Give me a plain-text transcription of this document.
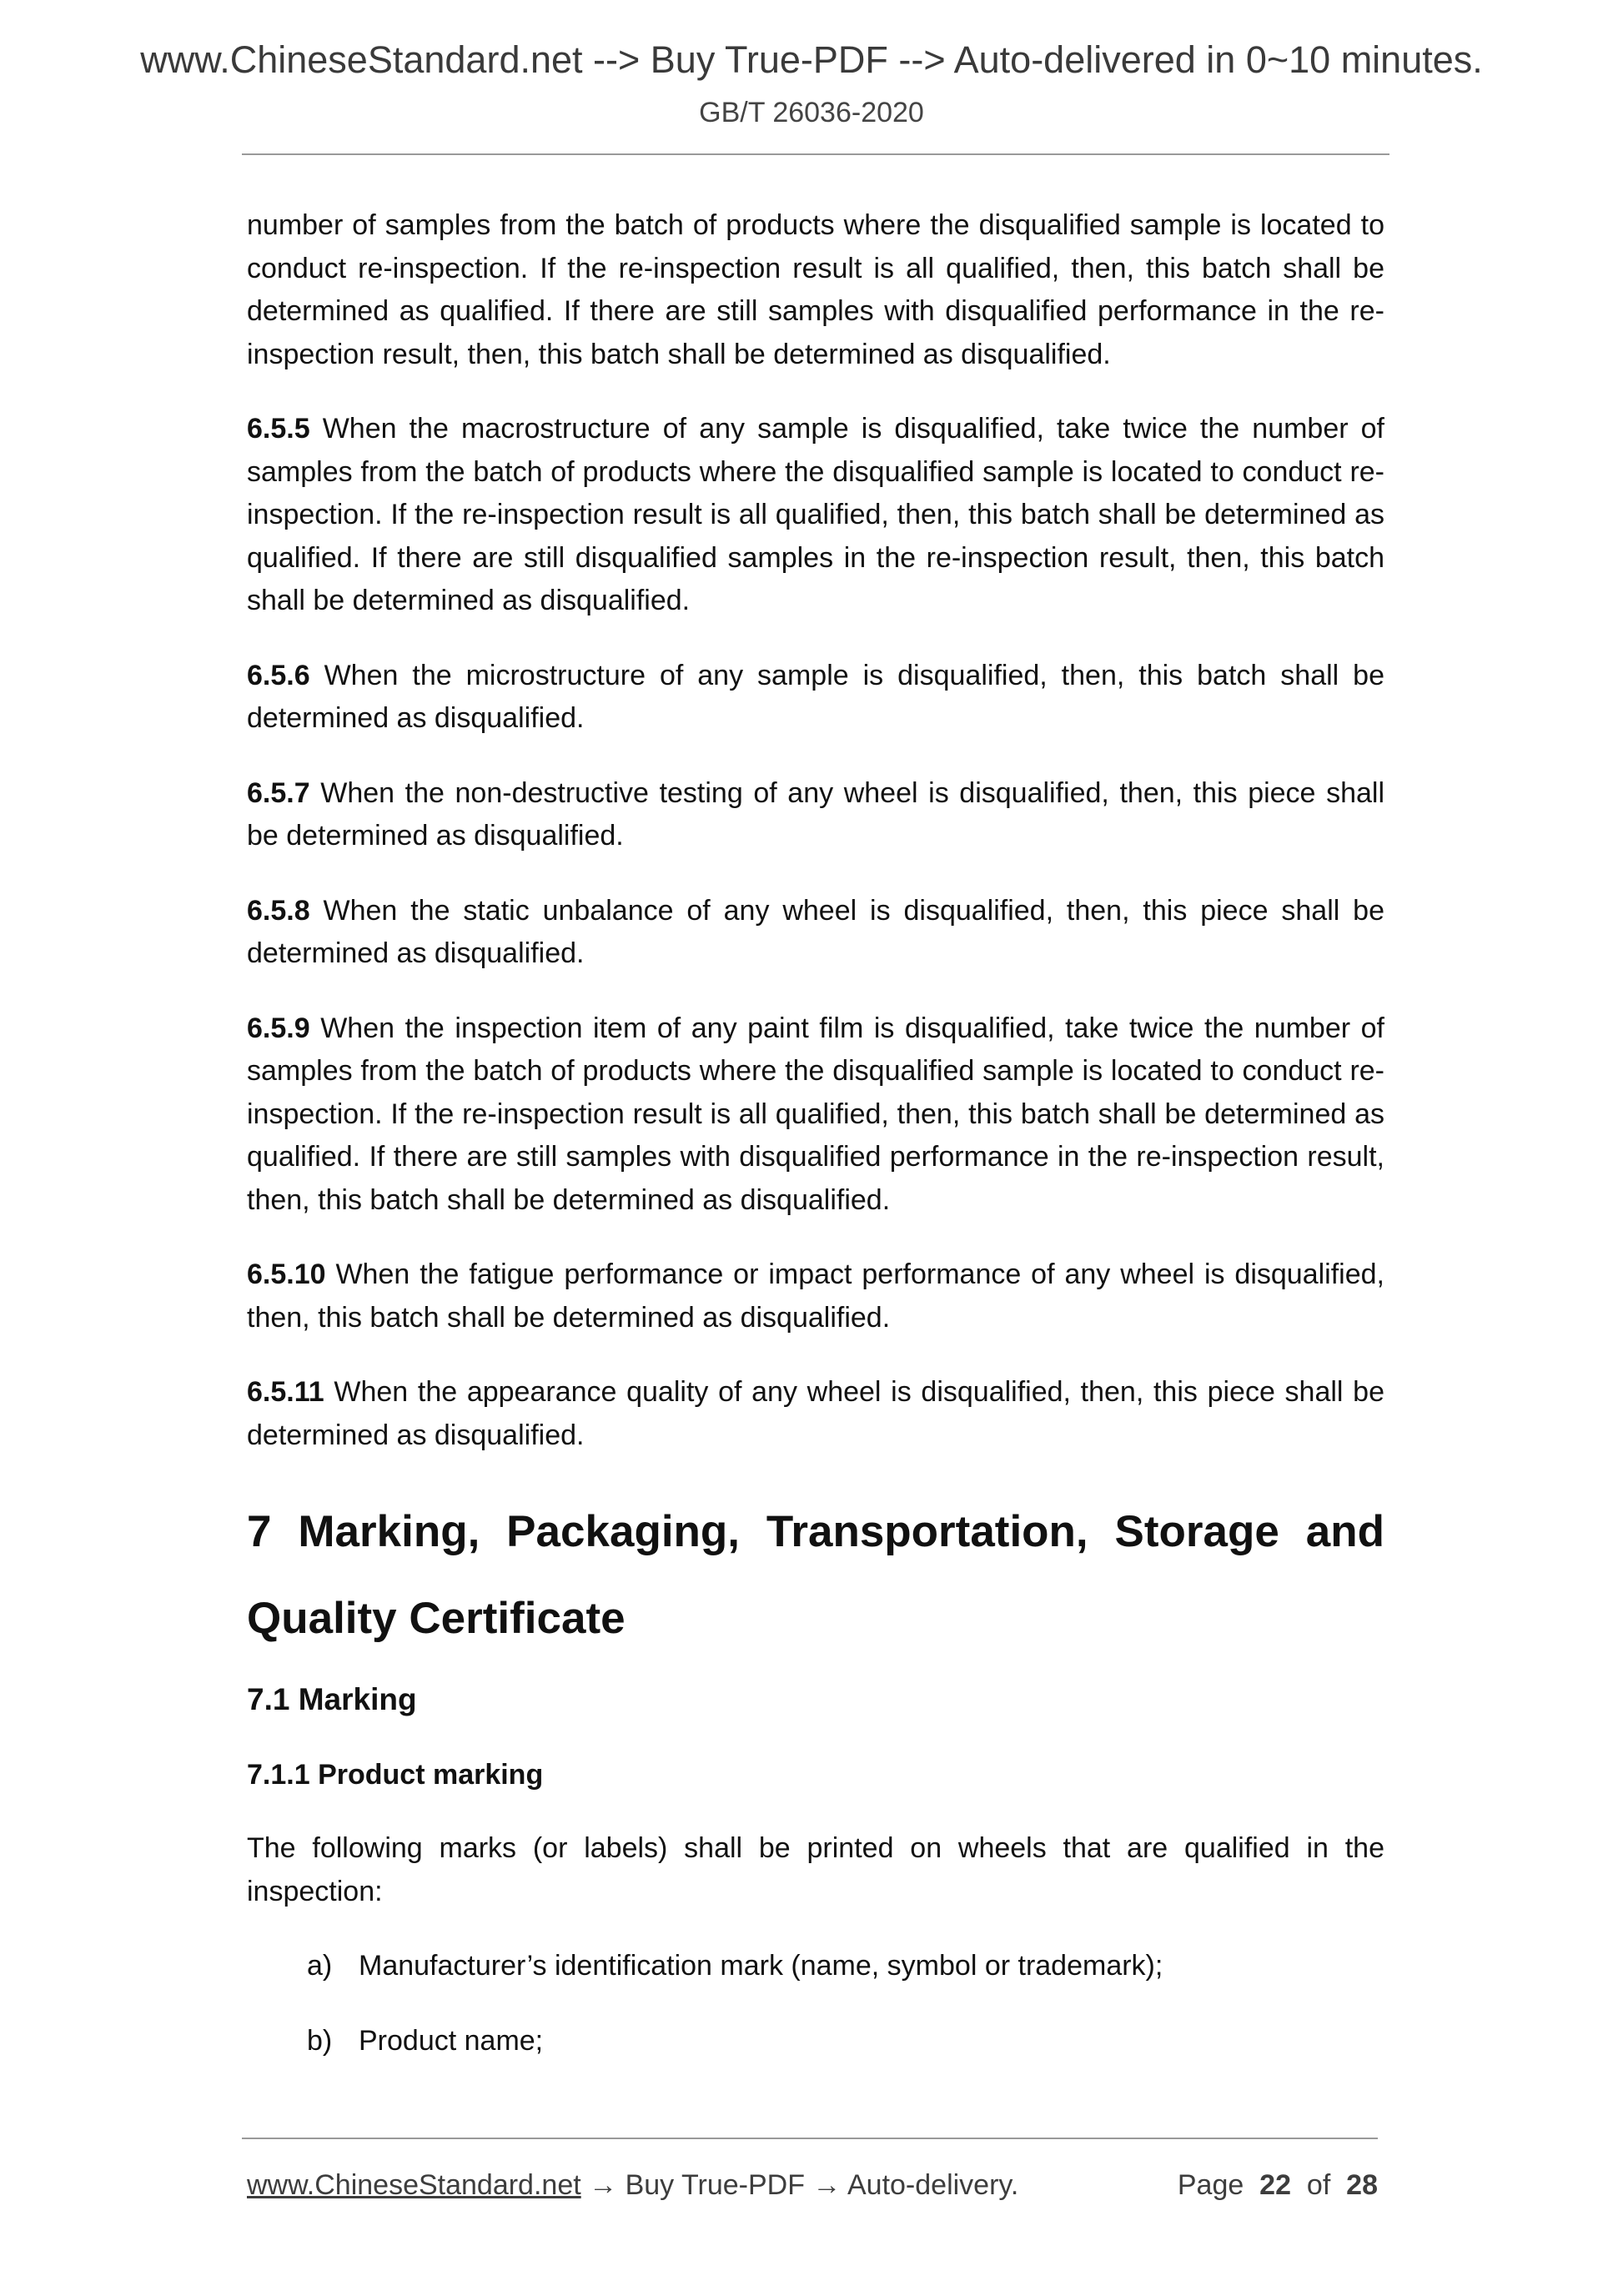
www.ChineseStandard.net --> Buy True-PDF --> Auto-delivered in 0~10 minutes.
GB/T 26036-2020

number of samples from the batch of products where the disqualified sample is located to conduct re-inspection. If the re-inspection result is all qualified, then, this batch shall be determined as qualified. If there are still samples with disqualified performance in the re-inspection result, then, this batch shall be determined as disqualified.

6.5.5 When the macrostructure of any sample is disqualified, take twice the number of samples from the batch of products where the disqualified sample is located to conduct re-inspection. If the re-inspection result is all qualified, then, this batch shall be determined as qualified. If there are still disqualified samples in the re-inspection result, then, this batch shall be determined as disqualified.

6.5.6 When the microstructure of any sample is disqualified, then, this batch shall be determined as disqualified.

6.5.7 When the non-destructive testing of any wheel is disqualified, then, this piece shall be determined as disqualified.

6.5.8 When the static unbalance of any wheel is disqualified, then, this piece shall be determined as disqualified.

6.5.9 When the inspection item of any paint film is disqualified, take twice the number of samples from the batch of products where the disqualified sample is located to conduct re-inspection. If the re-inspection result is all qualified, then, this batch shall be determined as qualified. If there are still samples with disqualified performance in the re-inspection result, then, this batch shall be determined as disqualified.

6.5.10 When the fatigue performance or impact performance of any wheel is disqualified, then, this batch shall be determined as disqualified.

6.5.11 When the appearance quality of any wheel is disqualified, then, this piece shall be determined as disqualified.

7 Marking, Packaging, Transportation, Storage and Quality Certificate
7.1 Marking
7.1.1 Product marking

The following marks (or labels) shall be printed on wheels that are qualified in the inspection:

a) Manufacturer’s identification mark (name, symbol or trademark);
b) Product name;
www.ChineseStandard.net → Buy True-PDF → Auto-delivery.	Page 22 of 28
